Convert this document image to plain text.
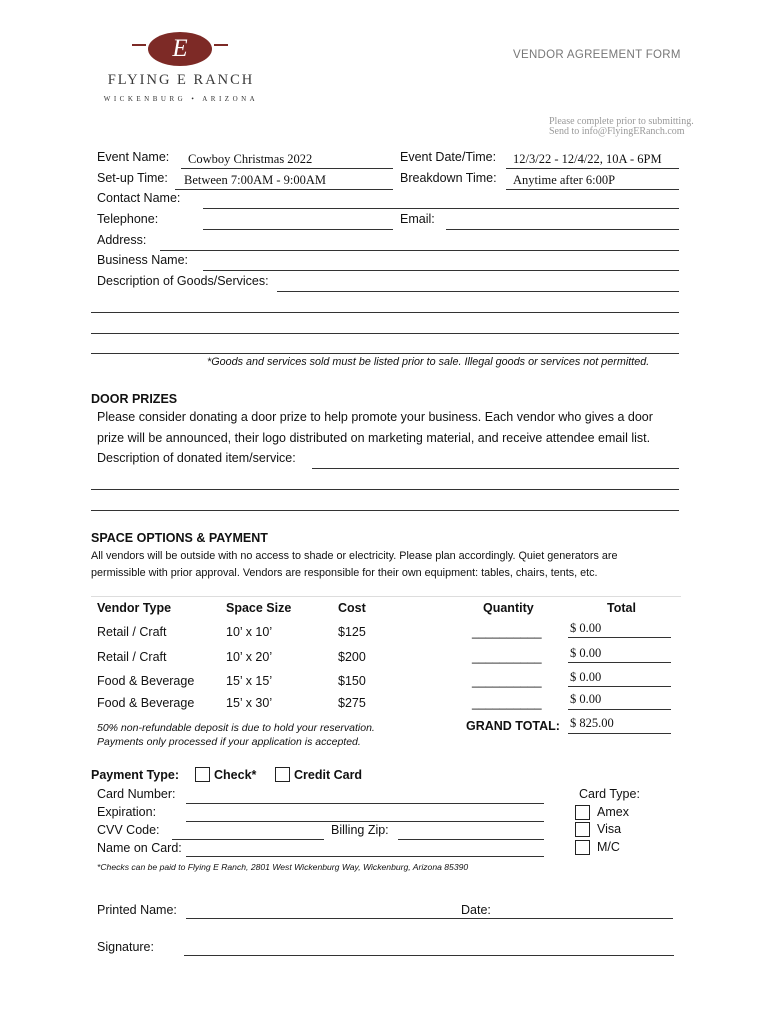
E
FLYING E RANCH
WICKENBURG • ARIZONA
VENDOR AGREEMENT FORM
Please complete prior to submitting.
Send to info@FlyingERanch.com
Event Name: Cowboy Christmas 2022	Event Date/Time: 12/3/22 - 12/4/22, 10A - 6PM
Set-up Time: Between 7:00AM - 9:00AM	Breakdown Time: Anytime after 6:00P
Contact Name:
Telephone:	Email:
Address:
Business Name:
Description of Goods/Services:
*Goods and services sold must be listed prior to sale. Illegal goods or services not permitted.
DOOR PRIZES
Please consider donating a door prize to help promote your business. Each vendor who gives a door
prize will be announced, their logo distributed on marketing material, and receive attendee email list.
Description of donated item/service:
SPACE OPTIONS & PAYMENT
All vendors will be outside with no access to shade or electricity. Please plan accordingly. Quiet generators are
permissible with prior approval. Vendors are responsible for their own equipment: tables, chairs, tents, etc.
Vendor Type	Space Size	Cost	Quantity	Total
Retail / Craft	10’ x 10’	$125	__________ $ 0.00
Retail / Craft	10’ x 20’	$200	__________ $ 0.00
Food & Beverage	15’ x 15’	$150	__________ $ 0.00
Food & Beverage	15’ x 30’	$275	__________ $ 0.00
50% non-refundable deposit is due to hold your reservation.
Payments only processed if your application is accepted.
GRAND TOTAL: $ 825.00
Payment Type:	Check*	Credit Card
Card Number:
Expiration:
CVV Code:	Billing Zip:
Name on Card:
Card Type:
Amex
Visa
M/C
*Checks can be paid to Flying E Ranch, 2801 West Wickenburg Way, Wickenburg, Arizona 85390
Printed Name:	Date:
Signature:
